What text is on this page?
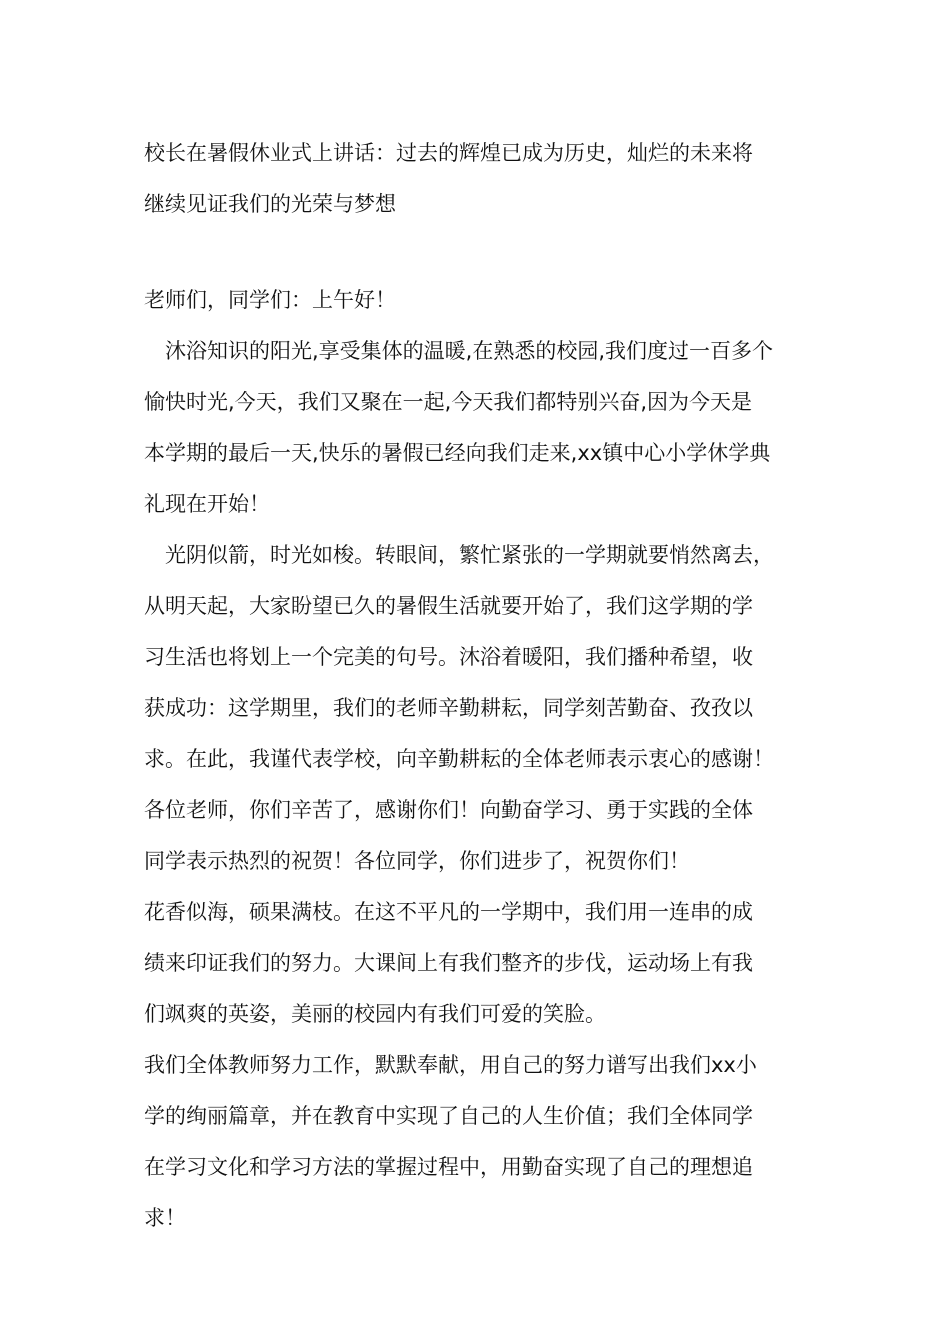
校长在暑假休业式上讲话：过去的辉煌已成为历史，灿烂的未来将
继续见证我们的光荣与梦想
老师们，同学们：上午好！
沐浴知识的阳光,享受集体的温暖,在熟悉的校园,我们度过一百多个
愉快时光,今天，我们又聚在一起,今天我们都特别兴奋,因为今天是
本学期的最后一天,快乐的暑假已经向我们走来,xx镇中心小学休学典
礼现在开始！
光阴似箭，时光如梭。转眼间，繁忙紧张的一学期就要悄然离去，
从明天起，大家盼望已久的暑假生活就要开始了，我们这学期的学
习生活也将划上一个完美的句号。沐浴着暖阳，我们播种希望，收
获成功：这学期里，我们的老师辛勤耕耘，同学刻苦勤奋、孜孜以
求。在此，我谨代表学校，向辛勤耕耘的全体老师表示衷心的感谢！
各位老师，你们辛苦了，感谢你们！向勤奋学习、勇于实践的全体
同学表示热烈的祝贺！各位同学，你们进步了，祝贺你们！
花香似海，硕果满枝。在这不平凡的一学期中，我们用一连串的成
绩来印证我们的努力。大课间上有我们整齐的步伐，运动场上有我
们飒爽的英姿，美丽的校园内有我们可爱的笑脸。
我们全体教师努力工作，默默奉献，用自己的努力谱写出我们xx小
学的绚丽篇章，并在教育中实现了自己的人生价值；我们全体同学
在学习文化和学习方法的掌握过程中，用勤奋实现了自己的理想追
求！
